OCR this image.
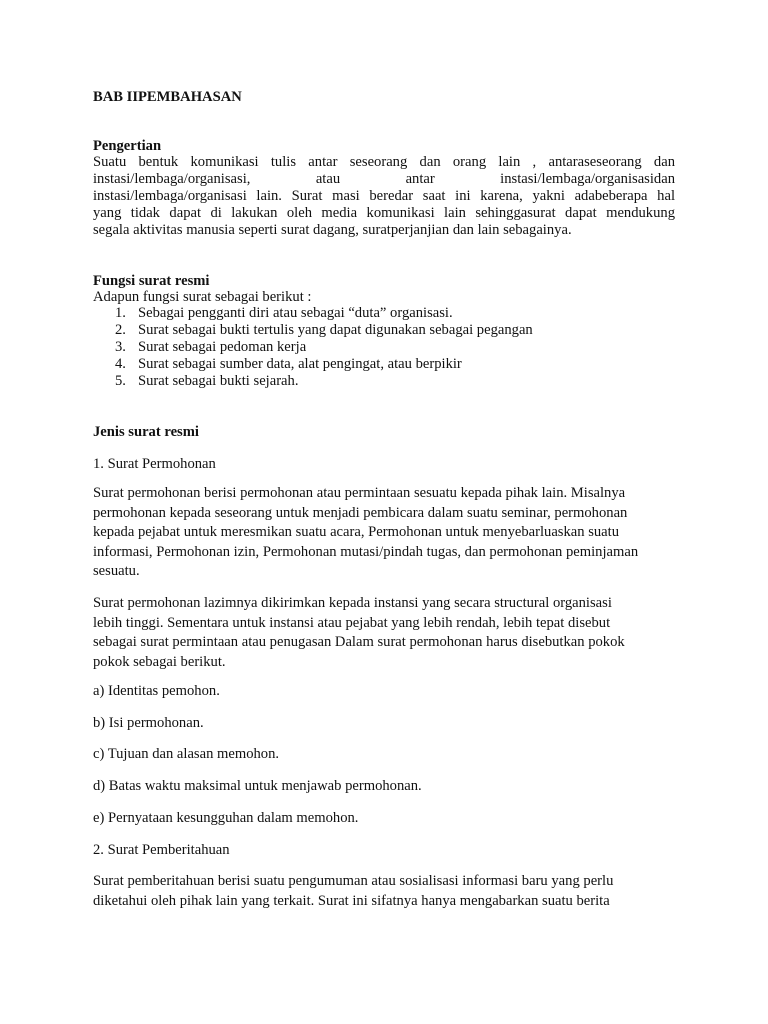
BAB IIPEMBAHASAN
Pengertian
Suatu bentuk komunikasi tulis antar seseorang dan orang lain , antaraseseorang dan
instasi/lembaga/organisasi, atau antar instasi/lembaga/organisasidan
instasi/lembaga/organisasi lain. Surat masi beredar saat ini karena, yakni adabeberapa hal
yang tidak dapat di lakukan oleh media komunikasi lain sehinggasurat dapat mendukung
segala aktivitas manusia seperti surat dagang, suratperjanjian dan lain sebagainya.
Fungsi surat resmi
Adapun fungsi surat sebagai berikut :
1. Sebagai pengganti diri atau sebagai “duta” organisasi.
2. Surat sebagai bukti tertulis yang dapat digunakan sebagai pegangan
3. Surat sebagai pedoman kerja
4. Surat sebagai sumber data, alat pengingat, atau berpikir
5. Surat sebagai bukti sejarah.
Jenis surat resmi
1. Surat Permohonan
Surat permohonan berisi permohonan atau permintaan sesuatu kepada pihak lain. Misalnya
permohonan kepada seseorang untuk menjadi pembicara dalam suatu seminar, permohonan
kepada pejabat untuk meresmikan suatu acara, Permohonan untuk menyebarluaskan suatu
informasi, Permohonan izin, Permohonan mutasi/pindah tugas, dan permohonan peminjaman
sesuatu.
Surat permohonan lazimnya dikirimkan kepada instansi yang secara structural organisasi
lebih tinggi. Sementara untuk instansi atau pejabat yang lebih rendah, lebih tepat disebut
sebagai surat permintaan atau penugasan Dalam surat permohonan harus disebutkan pokok
pokok sebagai berikut.
a) Identitas pemohon.
b) Isi permohonan.
c) Tujuan dan alasan memohon.
d) Batas waktu maksimal untuk menjawab permohonan.
e) Pernyataan kesungguhan dalam memohon.
2. Surat Pemberitahuan
Surat pemberitahuan berisi suatu pengumuman atau sosialisasi informasi baru yang perlu
diketahui oleh pihak lain yang terkait. Surat ini sifatnya hanya mengabarkan suatu berita
